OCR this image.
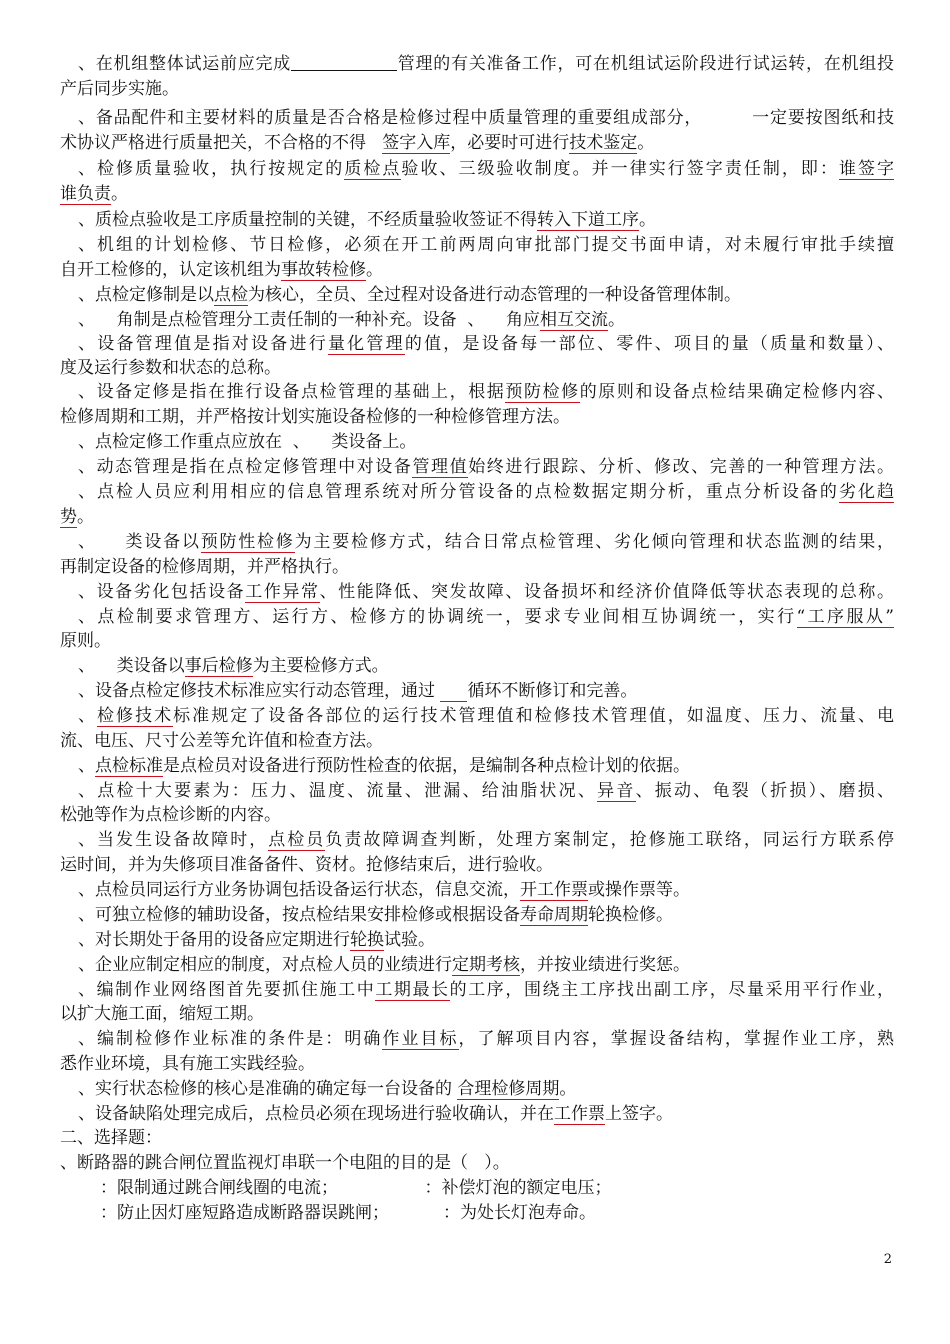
、在机组整体试运前应完成	管理的有关准备工作，可在机组试运阶段进行试运转，在机组投
产后同步实施。
、备品配件和主要材料的质量是否合格是检修过程中质量管理的重要组成部分，        一定要按图纸和技
术协议严格进行质量把关，不合格的不得   签字入库，必要时可进行技术鉴定。
、检修质量验收，执行按规定的质检点验收、三级验收制度。并一律实行签字责任制，即：谁签字
谁负责。
、质检点验收是工序质量控制的关键，不经质量验收签证不得转入下道工序。
、机组的计划检修、节日检修，必须在开工前两周向审批部门提交书面申请，对未履行审批手续擅
自开工检修的，认定该机组为事故转检修。
、点检定修制是以点检为核心，全员、全过程对设备进行动态管理的一种设备管理体制。
、    角制是点检管理分工责任制的一种补充。设备  、    角应相互交流。
、设备管理值是指对设备进行量化管理的值，是设备每一部位、零件、项目的量（质量和数量）、
度及运行参数和状态的总称。
、设备定修是指在推行设备点检管理的基础上，根据预防检修的原则和设备点检结果确定检修内容、
检修周期和工期，并严格按计划实施设备检修的一种检修管理方法。
、点检定修工作重点应放在  、    类设备上。
、动态管理是指在点检定修管理中对设备管理值始终进行跟踪、分析、修改、完善的一种管理方法。
、点检人员应利用相应的信息管理系统对所分管设备的点检数据定期分析，重点分析设备的劣化趋
势。
、    类设备以预防性检修为主要检修方式，结合日常点检管理、劣化倾向管理和状态监测的结果，
再制定设备的检修周期，并严格执行。
、设备劣化包括设备工作异常、性能降低、突发故障、设备损坏和经济价值降低等状态表现的总称。
、点检制要求管理方、运行方、检修方的协调统一，要求专业间相互协调统一，实行“工序服从”
原则。
、    类设备以事后检修为主要检修方式。
、设备点检定修技术标准应实行动态管理，通过      循环不断修订和完善。
、检修技术标准规定了设备各部位的运行技术管理值和检修技术管理值，如温度、压力、流量、电
流、电压、尺寸公差等允许值和检查方法。
、点检标准是点检员对设备进行预防性检查的依据，是编制各种点检计划的依据。
、点检十大要素为：压力、温度、流量、泄漏、给油脂状况、异音、振动、龟裂（折损）、磨损、
松弛等作为点检诊断的内容。
、当发生设备故障时，点检员负责故障调查判断，处理方案制定，抢修施工联络，同运行方联系停
运时间，并为失修项目准备备件、资材。抢修结束后，进行验收。
、点检员同运行方业务协调包括设备运行状态，信息交流，开工作票或操作票等。
、可独立检修的辅助设备，按点检结果安排检修或根据设备寿命周期轮换检修。
、对长期处于备用的设备应定期进行轮换试验。
、企业应制定相应的制度，对点检人员的业绩进行定期考核，并按业绩进行奖惩。
、编制作业网络图首先要抓住施工中工期最长的工序，围绕主工序找出副工序，尽量采用平行作业，
以扩大施工面，缩短工期。
、编制检修作业标准的条件是：明确作业目标，了解项目内容，掌握设备结构，掌握作业工序，熟
悉作业环境，具有施工实践经验。
、实行状态检修的核心是准确的确定每一台设备的 合理检修周期。
、设备缺陷处理完成后，点检员必须在现场进行验收确认，并在工作票上签字。
二、选择题：
、断路器的跳合闸位置监视灯串联一个电阻的目的是（   ）。
：限制通过跳合闸线圈的电流；                ：补偿灯泡的额定电压；
：防止因灯座短路造成断路器误跳闸；          ：为处长灯泡寿命。
2
